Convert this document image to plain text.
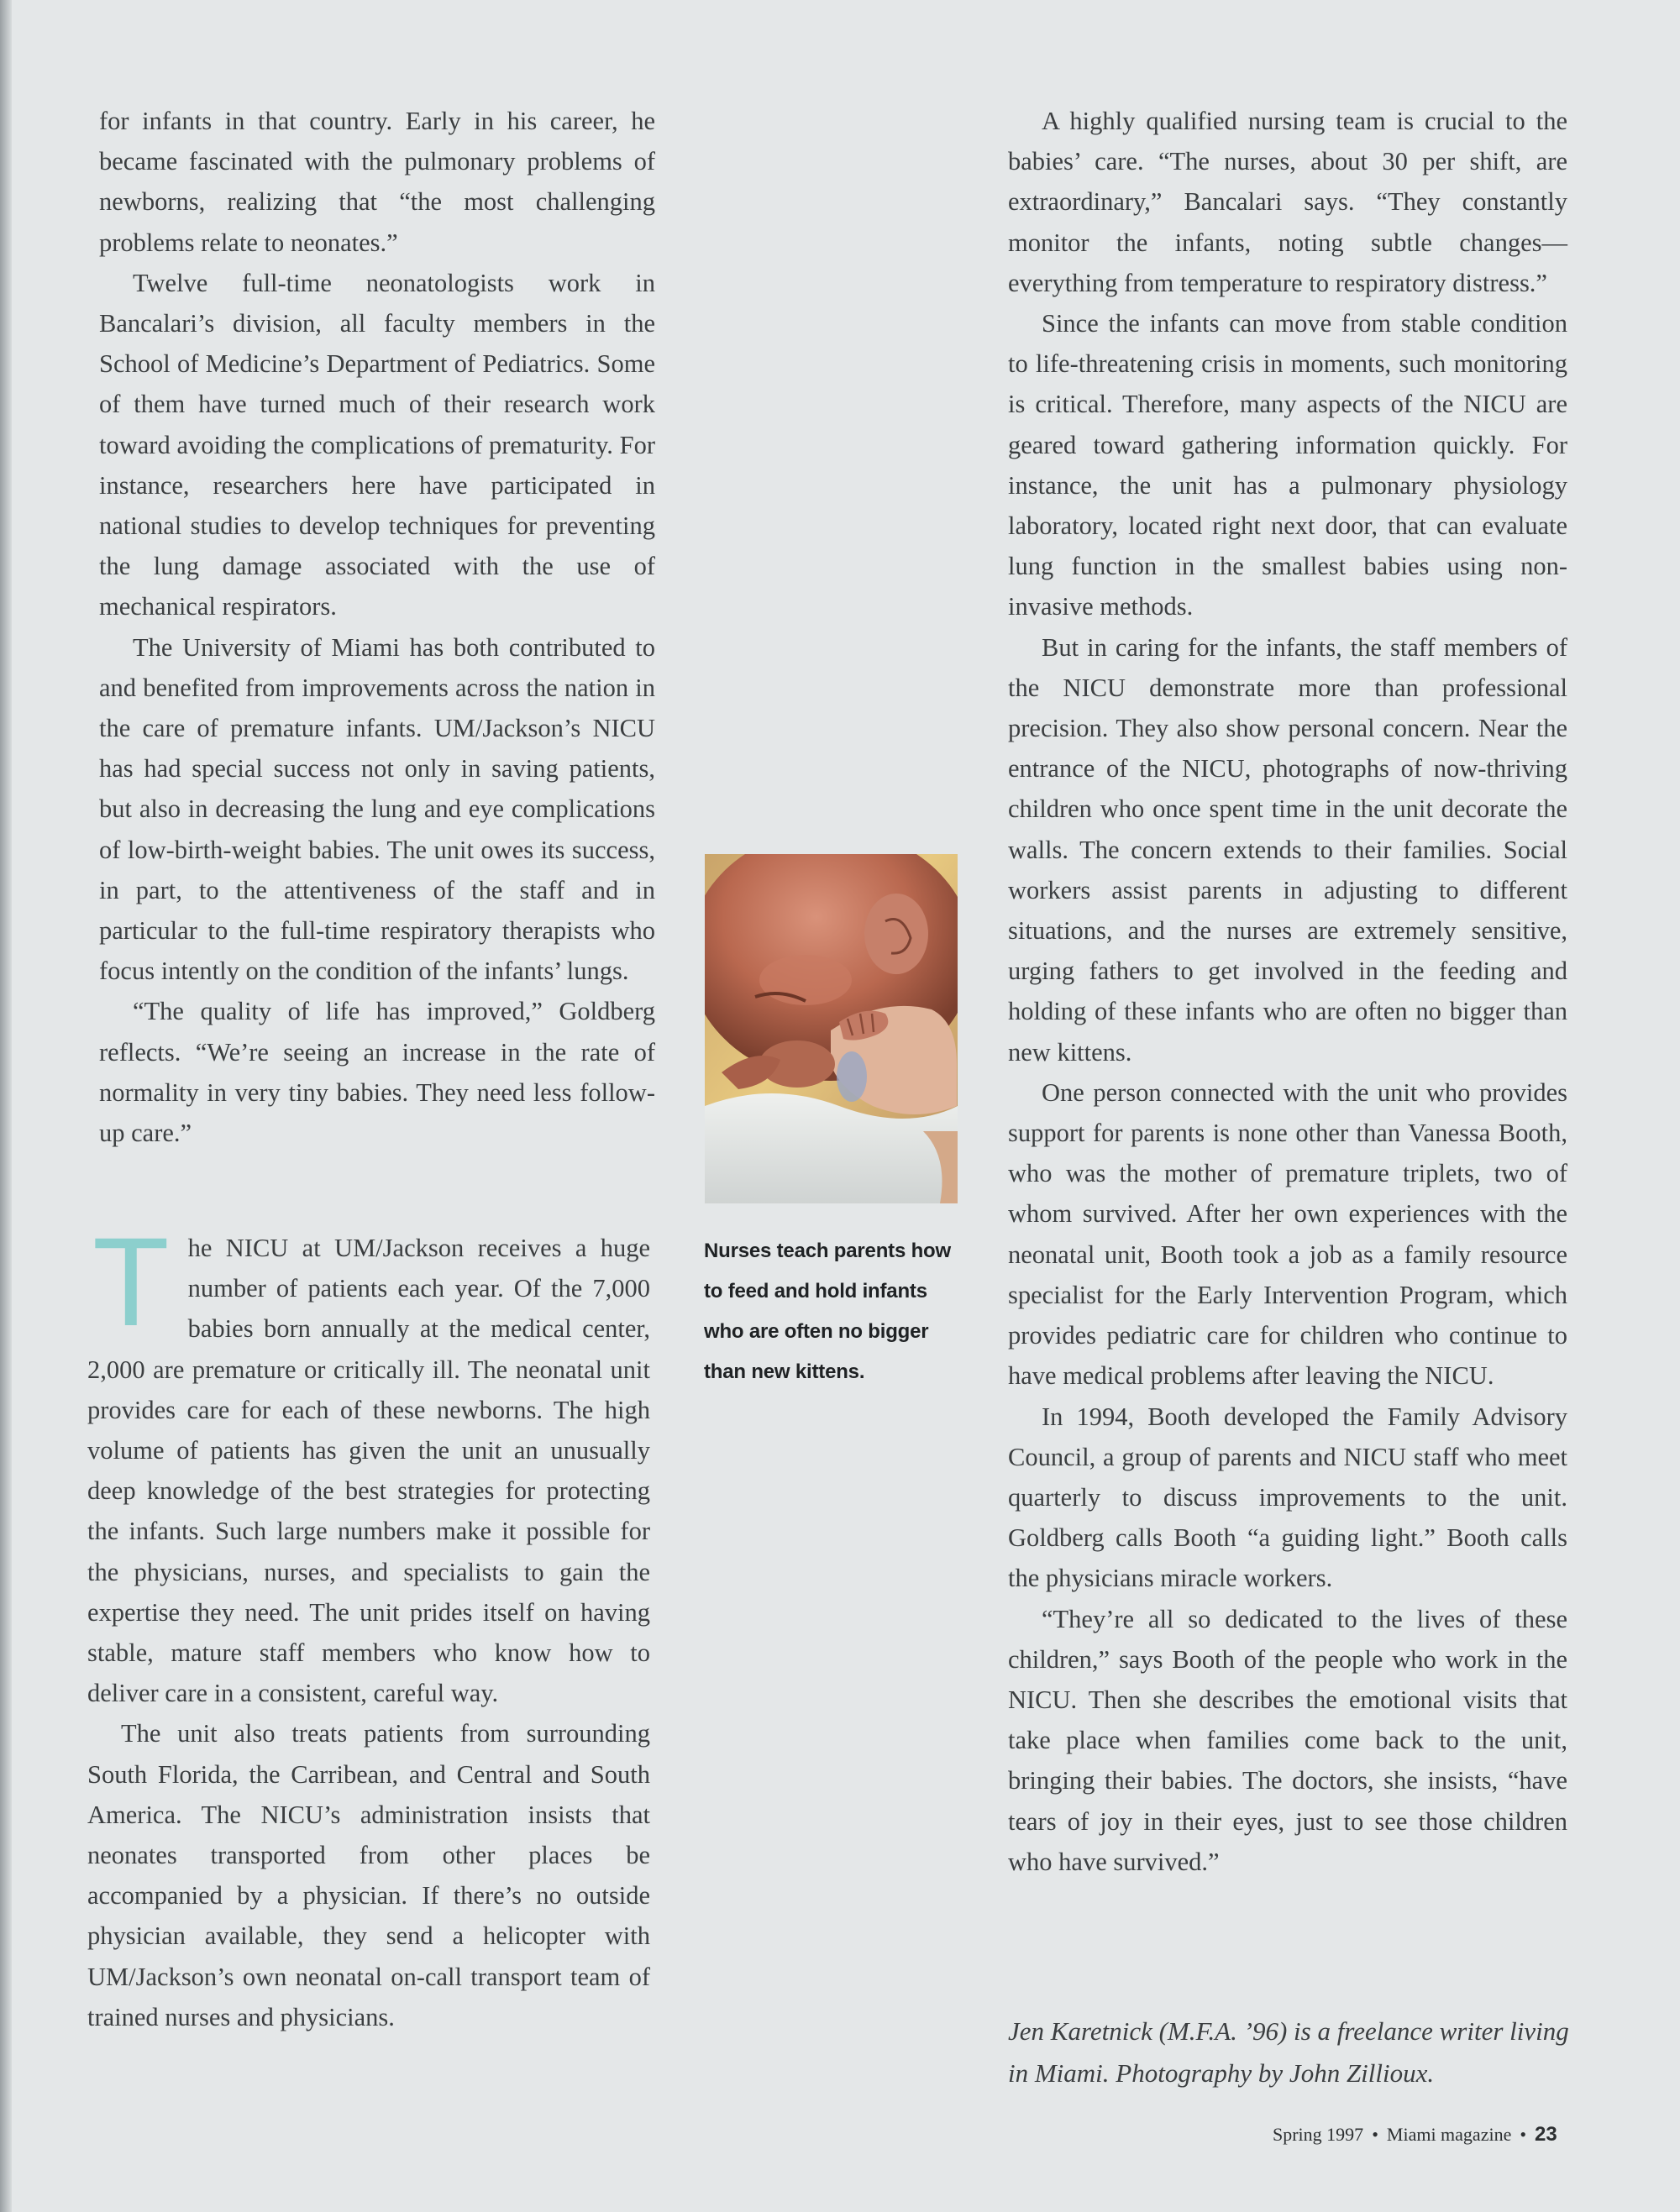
for infants in that country. Early in his career, he became fascinated with the pulmonary problems of newborns, realizing that “the most challenging problems relate to neonates.”

Twelve full-time neonatologists work in Bancalari’s division, all faculty members in the School of Medicine’s Department of Pediatrics. Some of them have turned much of their research work toward avoiding the complications of prematurity. For instance, researchers here have participated in national studies to develop techniques for preventing the lung damage associated with the use of mechanical respirators.

The University of Miami has both contributed to and benefited from improvements across the nation in the care of premature infants. UM/​Jackson’s NICU has had special success not only in saving patients, but also in decreasing the lung and eye complications of low-birth-weight babies. The unit owes its success, in part, to the attentiveness of the staff and in particular to the full-time respiratory therapists who focus intently on the condition of the infants’ lungs.

“The quality of life has improved,” Goldberg reflects. “We’re seeing an increase in the rate of normality in very tiny babies. They need less follow-up care.”

T he NICU at UM/Jackson receives a huge number of patients each year. Of the 7,000 babies born annually at the medical center, 2,000 are premature or critically ill. The neonatal unit provides care for each of these newborns. The high volume of patients has given the unit an unusually deep knowledge of the best strategies for protecting the infants. Such large numbers make it possible for the physicians, nurses, and specialists to gain the expertise they need. The unit prides itself on having stable, mature staff members who know how to deliver care in a consistent, careful way.

The unit also treats patients from surrounding South Florida, the Carribean, and Central and South America. The NICU’s administration insists that neonates transported from other places be accompanied by a physician. If there’s no outside physician available, they send a helicopter with UM/Jackson’s own neonatal on-call transport team of trained nurses and physicians.

Nurses teach parents how to feed and hold infants who are often no bigger than new kittens.

A highly qualified nursing team is crucial to the babies’ care. “The nurses, about 30 per shift, are extraordinary,” Bancalari says. “They constantly monitor the infants, noting subtle changes—everything from temperature to respiratory distress.”

Since the infants can move from stable condition to life-threatening crisis in moments, such monitoring is critical. Therefore, many aspects of the NICU are geared toward gathering information quickly. For instance, the unit has a pulmonary physiology laboratory, located right next door, that can evaluate lung function in the smallest babies using non-invasive methods.

But in caring for the infants, the staff members of the NICU demonstrate more than professional precision. They also show personal concern. Near the entrance of the NICU, photographs of now-thriving children who once spent time in the unit decorate the walls. The concern extends to their families. Social workers assist parents in adjusting to different situations, and the nurses are extremely sensitive, urging fathers to get involved in the feeding and holding of these infants who are often no bigger than new kittens.

One person connected with the unit who provides support for parents is none other than Vanessa Booth, who was the mother of premature triplets, two of whom survived. After her own experiences with the neonatal unit, Booth took a job as a family resource specialist for the Early Intervention Program, which provides pediatric care for children who continue to have medical problems after leaving the NICU.

In 1994, Booth developed the Family Advisory Council, a group of parents and NICU staff who meet quarterly to discuss improvements to the unit. Goldberg calls Booth “a guiding light.” Booth calls the physicians miracle workers.

“They’re all so dedicated to the lives of these children,” says Booth of the people who work in the NICU. Then she describes the emotional visits that take place when families come back to the unit, bringing their babies. The doctors, she insists, “have tears of joy in their eyes, just to see those children who have survived.”

Jen Karetnick (M.F.A. ’96) is a freelance writer living in Miami. Photography by John Zillioux.
Spring 1997 • Miami magazine • 23
